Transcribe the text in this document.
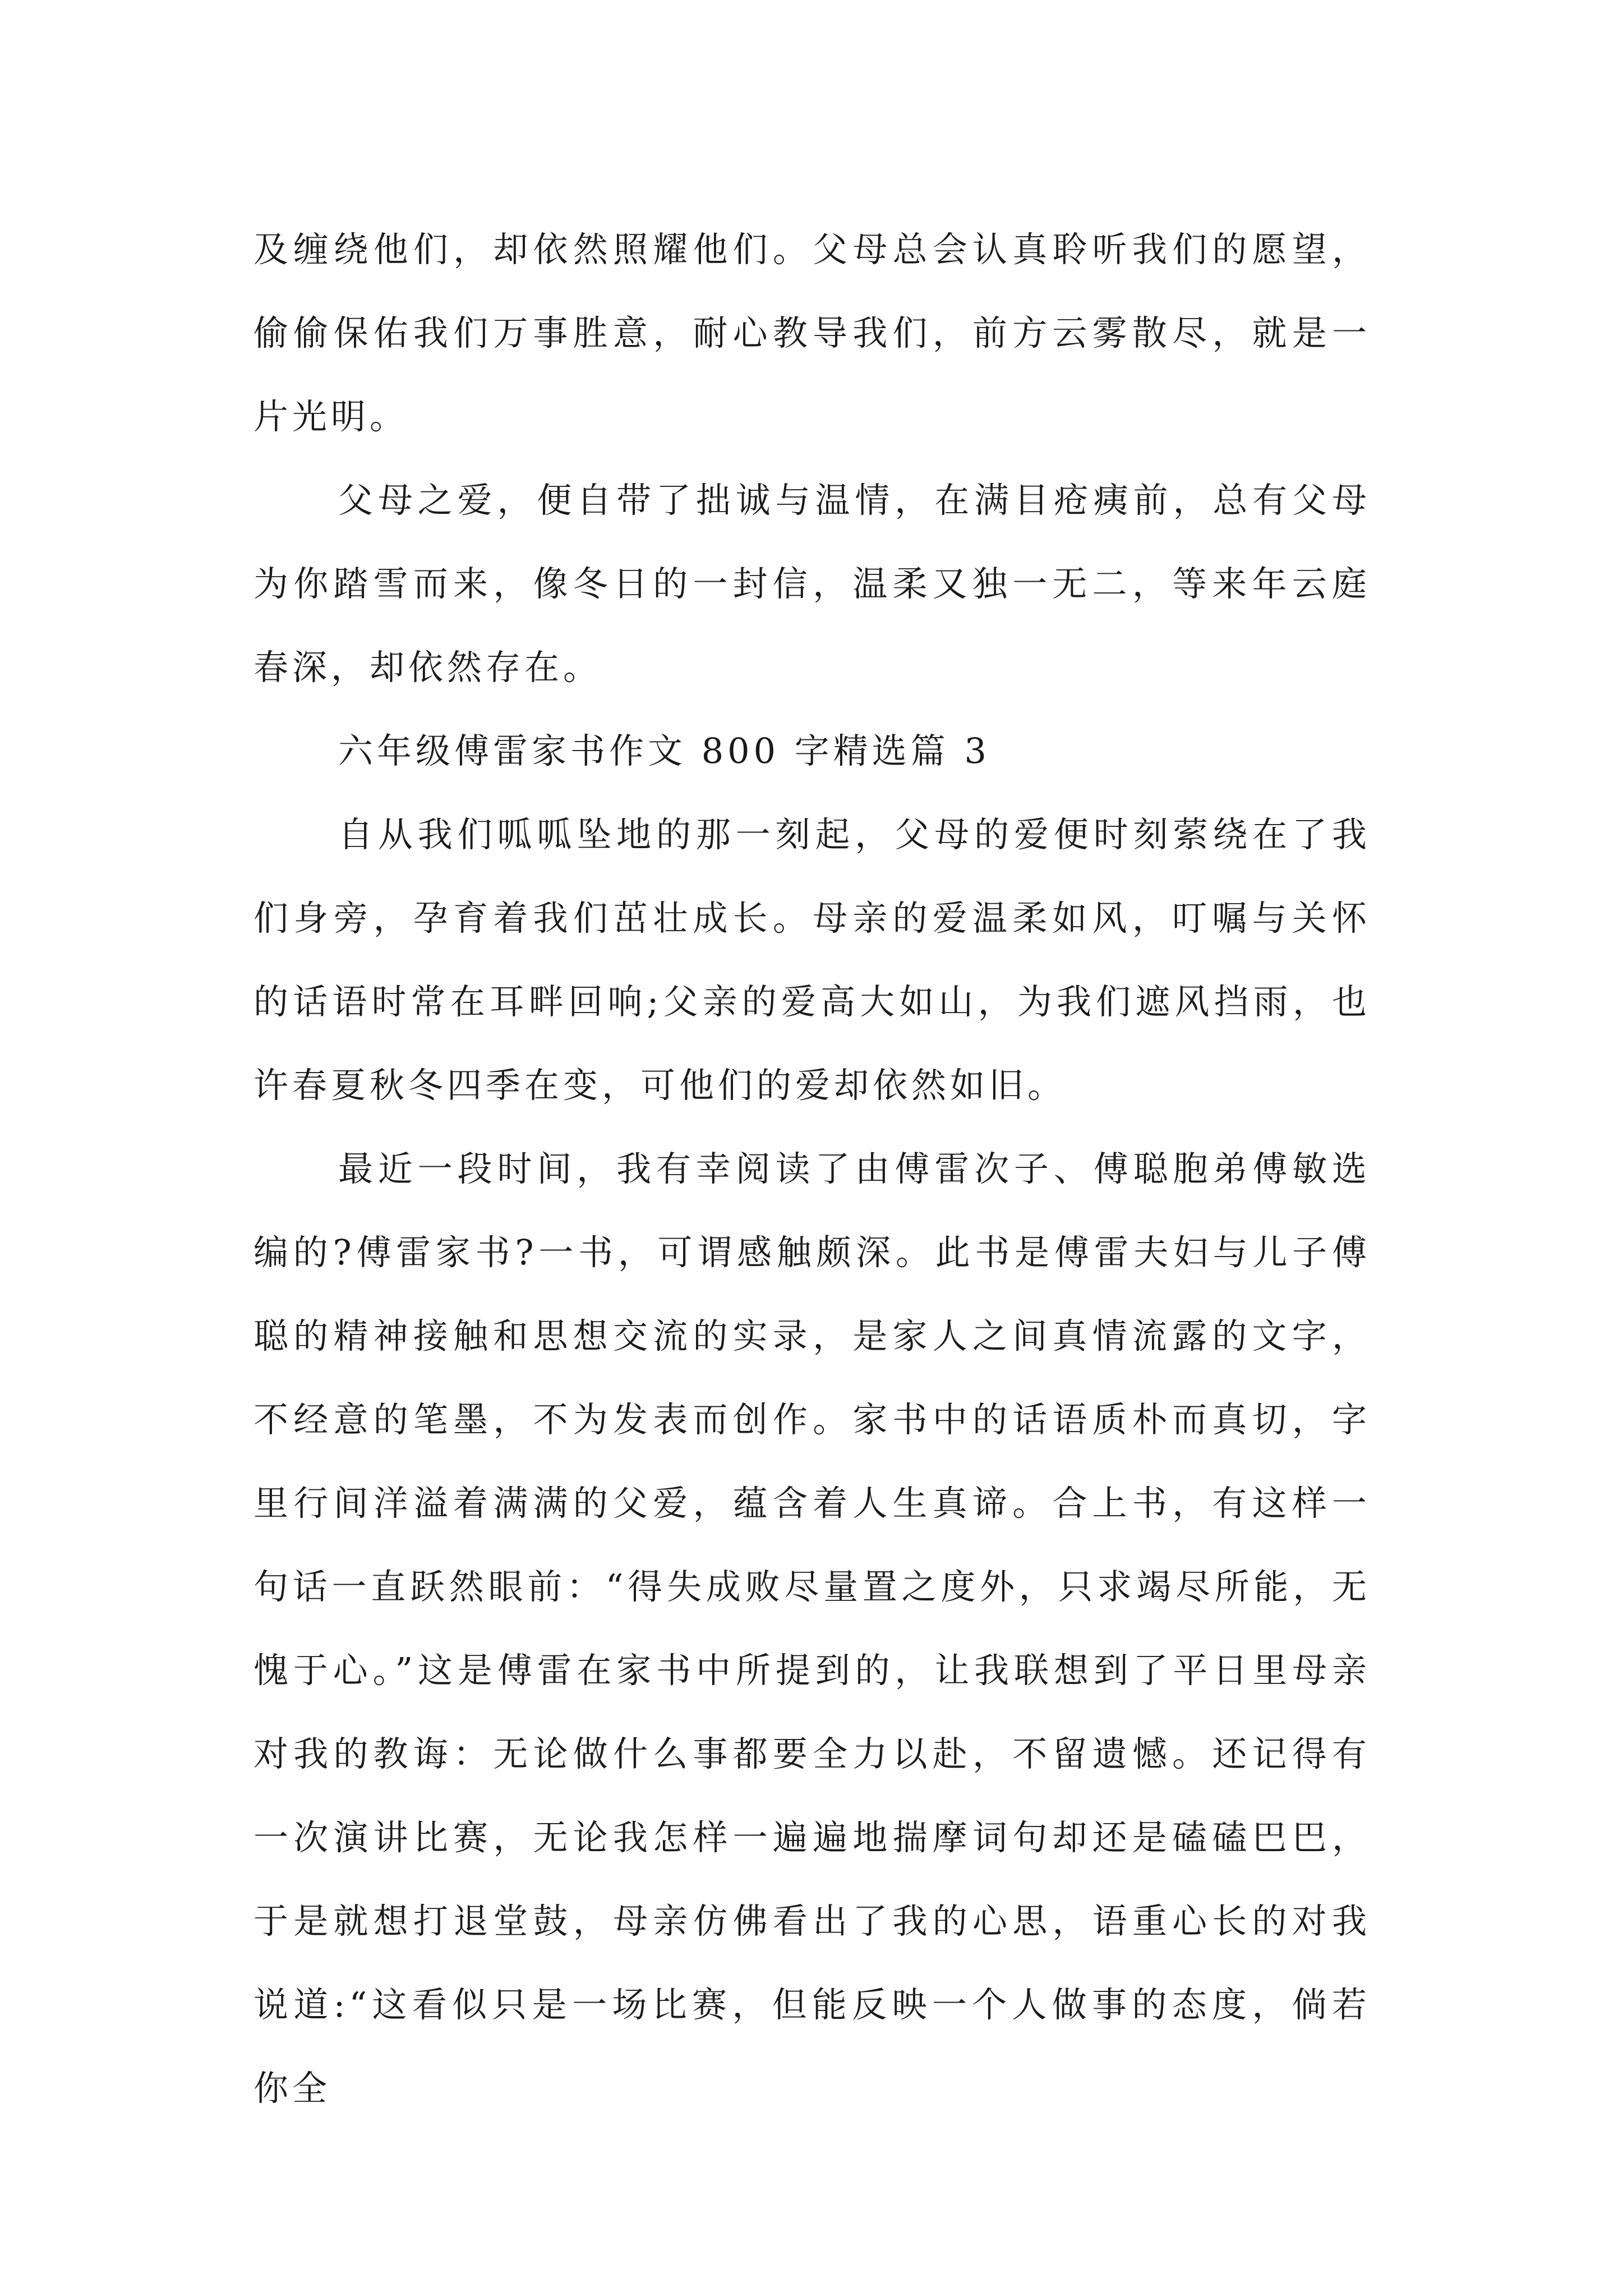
及缠绕他们，却依然照耀他们。父母总会认真聆听我们的愿望，偷偷保佑我们万事胜意，耐心教导我们，前方云雾散尽，就是一片光明。

父母之爱，便自带了拙诚与温情，在满目疮痍前，总有父母为你踏雪而来，像冬日的一封信，温柔又独一无二，等来年云庭春深，却依然存在。

六年级傅雷家书作文 800 字精选篇 3

自从我们呱呱坠地的那一刻起，父母的爱便时刻萦绕在了我们身旁，孕育着我们茁壮成长。母亲的爱温柔如风，叮嘱与关怀的话语时常在耳畔回响;父亲的爱高大如山，为我们遮风挡雨，也许春夏秋冬四季在变，可他们的爱却依然如旧。

最近一段时间，我有幸阅读了由傅雷次子、傅聪胞弟傅敏选编的?傅雷家书?一书，可谓感触颇深。此书是傅雷夫妇与儿子傅聪的精神接触和思想交流的实录，是家人之间真情流露的文字，不经意的笔墨，不为发表而创作。家书中的话语质朴而真切，字里行间洋溢着满满的父爱，蕴含着人生真谛。合上书，有这样一句话一直跃然眼前：“得失成败尽量置之度外，只求竭尽所能，无愧于心。”这是傅雷在家书中所提到的，让我联想到了平日里母亲对我的教诲：无论做什么事都要全力以赴，不留遗憾。还记得有一次演讲比赛，无论我怎样一遍遍地揣摩词句却还是磕磕巴巴，于是就想打退堂鼓，母亲仿佛看出了我的心思，语重心长的对我说道:“这看似只是一场比赛，但能反映一个人做事的态度，倘若你全
